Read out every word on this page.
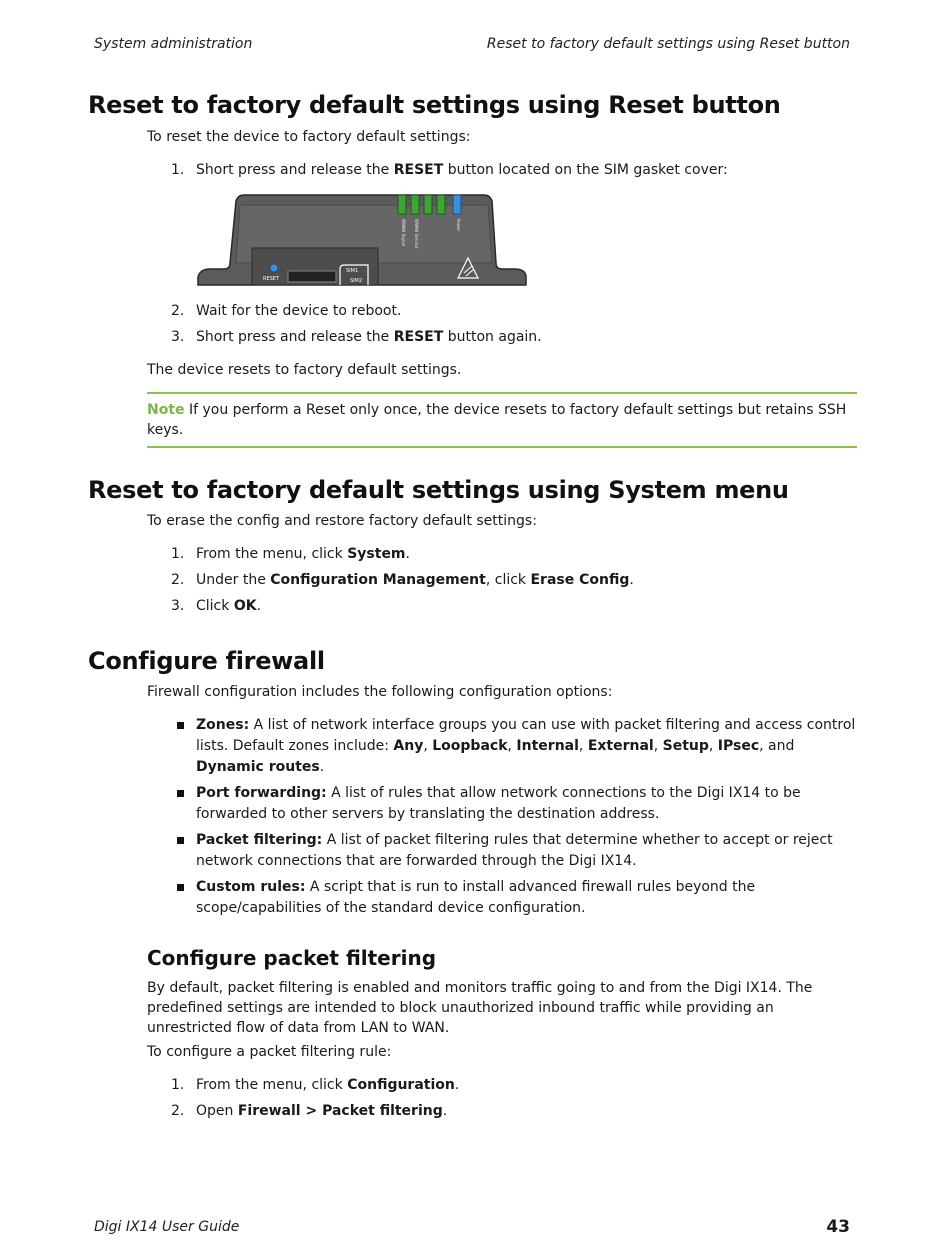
System administration	Reset to factory default settings using Reset button
Reset to factory default settings using Reset button
To reset the device to factory default settings:
1. Short press and release the RESET button located on the SIM gasket cover:
WWAN Signal WWAN Service	Power
RESET
SIM1
SIM2
2. Wait for the device to reboot.
3. Short press and release the RESET button again.
The device resets to factory default settings.
Note If you perform a Reset only once, the device resets to factory default settings but retains SSH keys.
Reset to factory default settings using System menu
To erase the config and restore factory default settings:
1. From the menu, click System.
2. Under the Configuration Management, click Erase Config.
3. Click OK.
Configure firewall
Firewall configuration includes the following configuration options:
Zones: A list of network interface groups you can use with packet filtering and access control lists. Default zones include: Any, Loopback, Internal, External, Setup, IPsec, and Dynamic routes.
Port forwarding: A list of rules that allow network connections to the Digi IX14 to be forwarded to other servers by translating the destination address.
Packet filtering: A list of packet filtering rules that determine whether to accept or reject network connections that are forwarded through the Digi IX14.
Custom rules: A script that is run to install advanced firewall rules beyond the scope/capabilities of the standard device configuration.
Configure packet filtering
By default, packet filtering is enabled and monitors traffic going to and from the Digi IX14. The predefined settings are intended to block unauthorized inbound traffic while providing an unrestricted flow of data from LAN to WAN.
To configure a packet filtering rule:
1. From the menu, click Configuration.
2. Open Firewall > Packet filtering.
Digi IX14 User Guide	43
